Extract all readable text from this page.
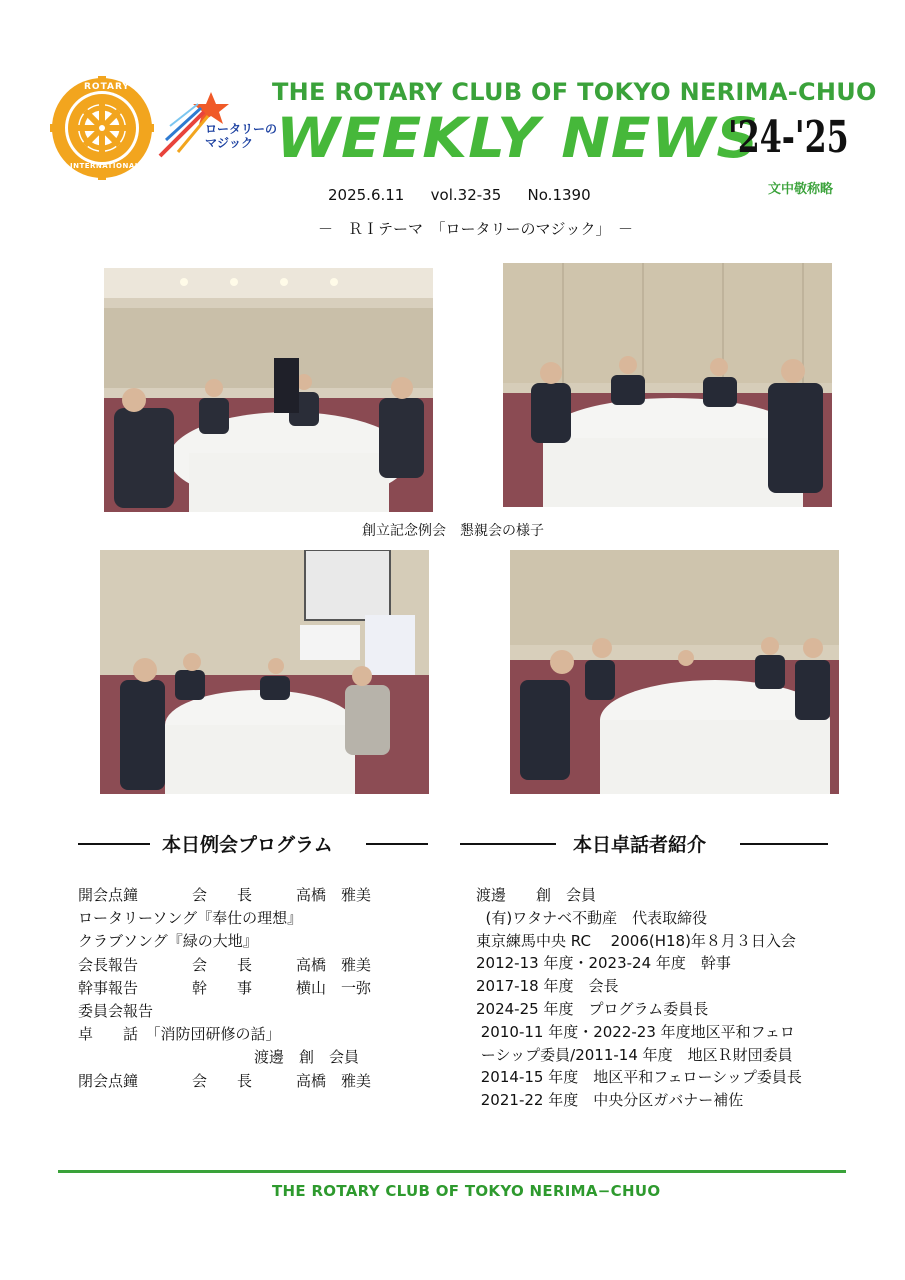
ROTARY
INTERNATIONAL
ロータリーの
マジック
THE ROTARY CLUB OF TOKYO NERIMA-CHUO
WEEKLY NEWS
'24-'25
文中敬称略
2025.6.11 vol.32-35 No.1390
－　ＲＩテーマ　「ロータリーのマジック」　－
創立記念例会　懇親会の様子
本日例会プログラム
開会点鐘	会　　長	高橋　雅美
ロータリーソング『奉仕の理想』
クラブソング『緑の大地』
会長報告	会　　長	高橋　雅美
幹事報告	幹　　事	横山　一弥
委員会報告
卓　　話　「消防団研修の話」
渡邊　創　会員
閉会点鐘	会　　長	高橋　雅美
本日卓話者紹介
渡邊　　創　会員
(有)ワタナベ不動産　代表取締役
東京練馬中央 RC　 2006(H18)年８月３日入会
2012-13 年度・2023-24 年度　幹事
2017-18 年度　会長
2024-25 年度　プログラム委員長
2010-11 年度・2022-23 年度地区平和フェロ
ーシップ委員/2011-14 年度　地区Ｒ財団委員
2014-15 年度　地区平和フェローシップ委員長
2021-22 年度　中央分区ガバナー補佐
THE ROTARY CLUB OF TOKYO NERIMA−CHUO
